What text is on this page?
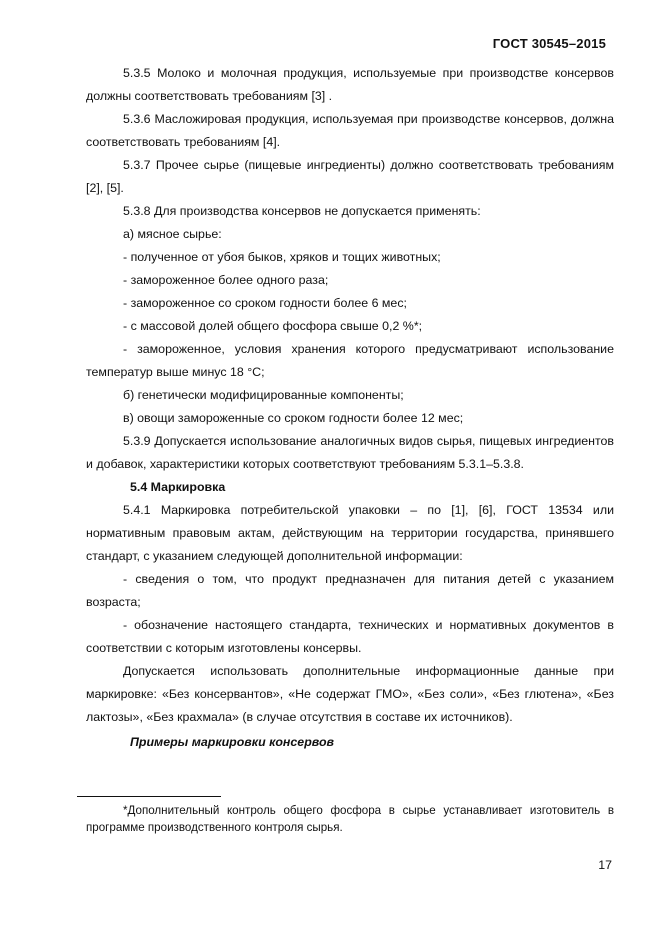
ГОСТ 30545–2015

5.3.5 Молоко и молочная продукция, используемые при производстве консервов должны соответствовать требованиям [3] .

5.3.6 Масложировая продукция, используемая при производстве консервов, должна соответствовать требованиям [4].

5.3.7 Прочее сырье (пищевые ингредиенты) должно соответствовать требованиям [2], [5].

5.3.8 Для производства консервов не допускается применять:

а) мясное сырье:

- полученное от убоя быков, хряков и тощих животных;

- замороженное более одного раза;

- замороженное со сроком годности более 6 мес;

- с массовой долей общего фосфора свыше 0,2 %*;

- замороженное, условия хранения которого предусматривают использование температур выше минус 18 °С;

б) генетически модифицированные компоненты;

в) овощи замороженные со сроком годности более 12 мес;

5.3.9 Допускается использование аналогичных видов сырья, пищевых ингредиентов и добавок, характеристики которых соответствуют требованиям 5.3.1–5.3.8.

5.4 Маркировка

5.4.1 Маркировка потребительской упаковки – по [1], [6], ГОСТ 13534 или нормативным правовым актам, действующим на территории государства, принявшего стандарт, с указанием следующей дополнительной информации:

- сведения о том, что продукт предназначен для питания детей с указанием возраста;

- обозначение настоящего стандарта, технических и нормативных документов в соответствии с которым изготовлены консервы.

Допускается использовать дополнительные информационные данные при маркировке: «Без консервантов», «Не содержат ГМО», «Без соли», «Без глютена», «Без лактозы», «Без крахмала» (в случае отсутствия в составе их источников).

Примеры маркировки консервов

*Дополнительный контроль общего фосфора в сырье устанавливает изготовитель в программе производственного контроля сырья.

17
